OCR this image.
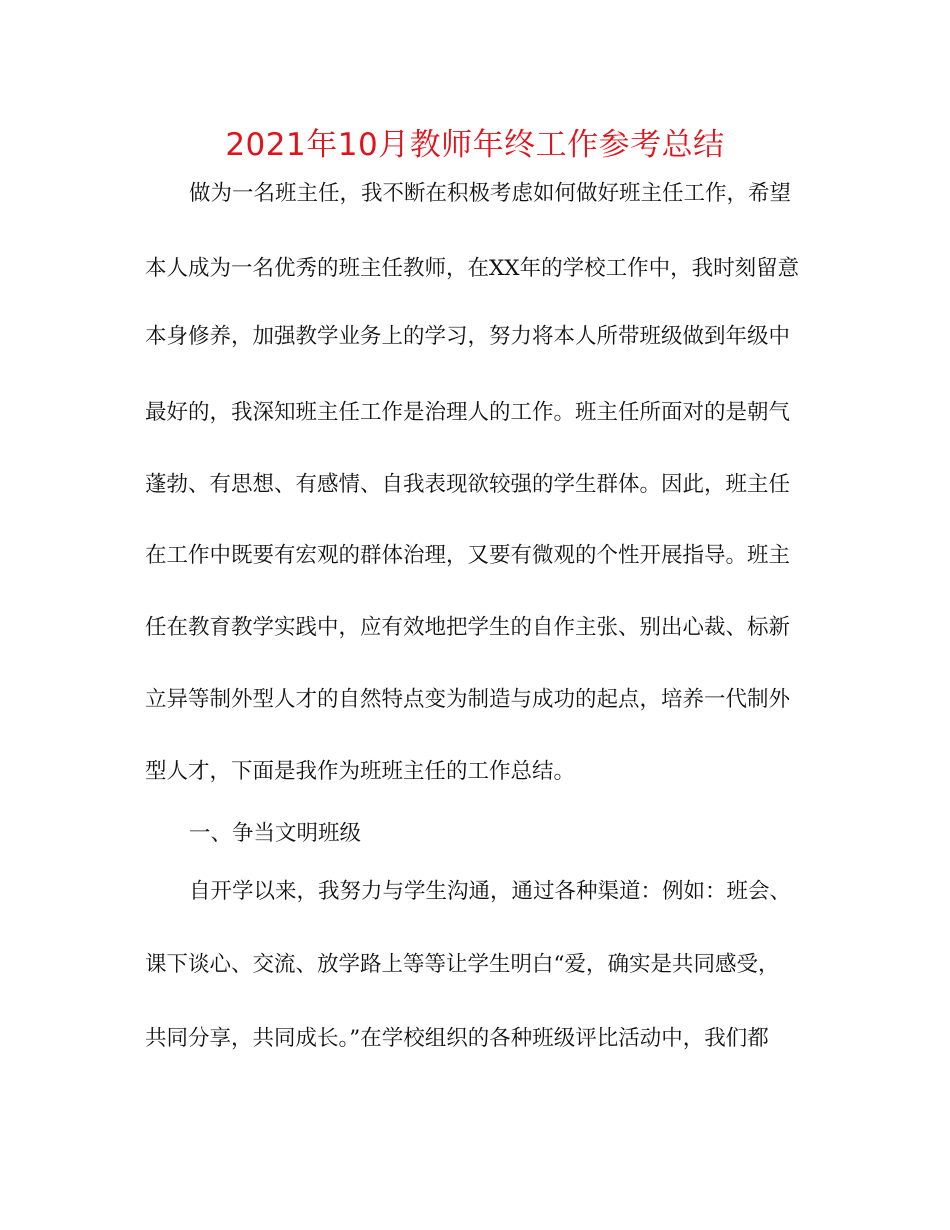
2021年10月教师年终工作参考总结

做为一名班主任，我不断在积极考虑如何做好班主任工作，希望

本人成为一名优秀的班主任教师，在XX年的学校工作中，我时刻留意

本身修养，加强教学业务上的学习，努力将本人所带班级做到年级中

最好的，我深知班主任工作是治理人的工作。班主任所面对的是朝气

蓬勃、有思想、有感情、自我表现欲较强的学生群体。因此，班主任

在工作中既要有宏观的群体治理，又要有微观的个性开展指导。班主

任在教育教学实践中，应有效地把学生的自作主张、别出心裁、标新

立异等制外型人才的自然特点变为制造与成功的起点，培养一代制外

型人才，下面是我作为班班主任的工作总结。

一、争当文明班级

自开学以来，我努力与学生沟通，通过各种渠道：例如：班会、

课下谈心、交流、放学路上等等让学生明白“爱，确实是共同感受，

共同分享，共同成长。”在学校组织的各种班级评比活动中，我们都
